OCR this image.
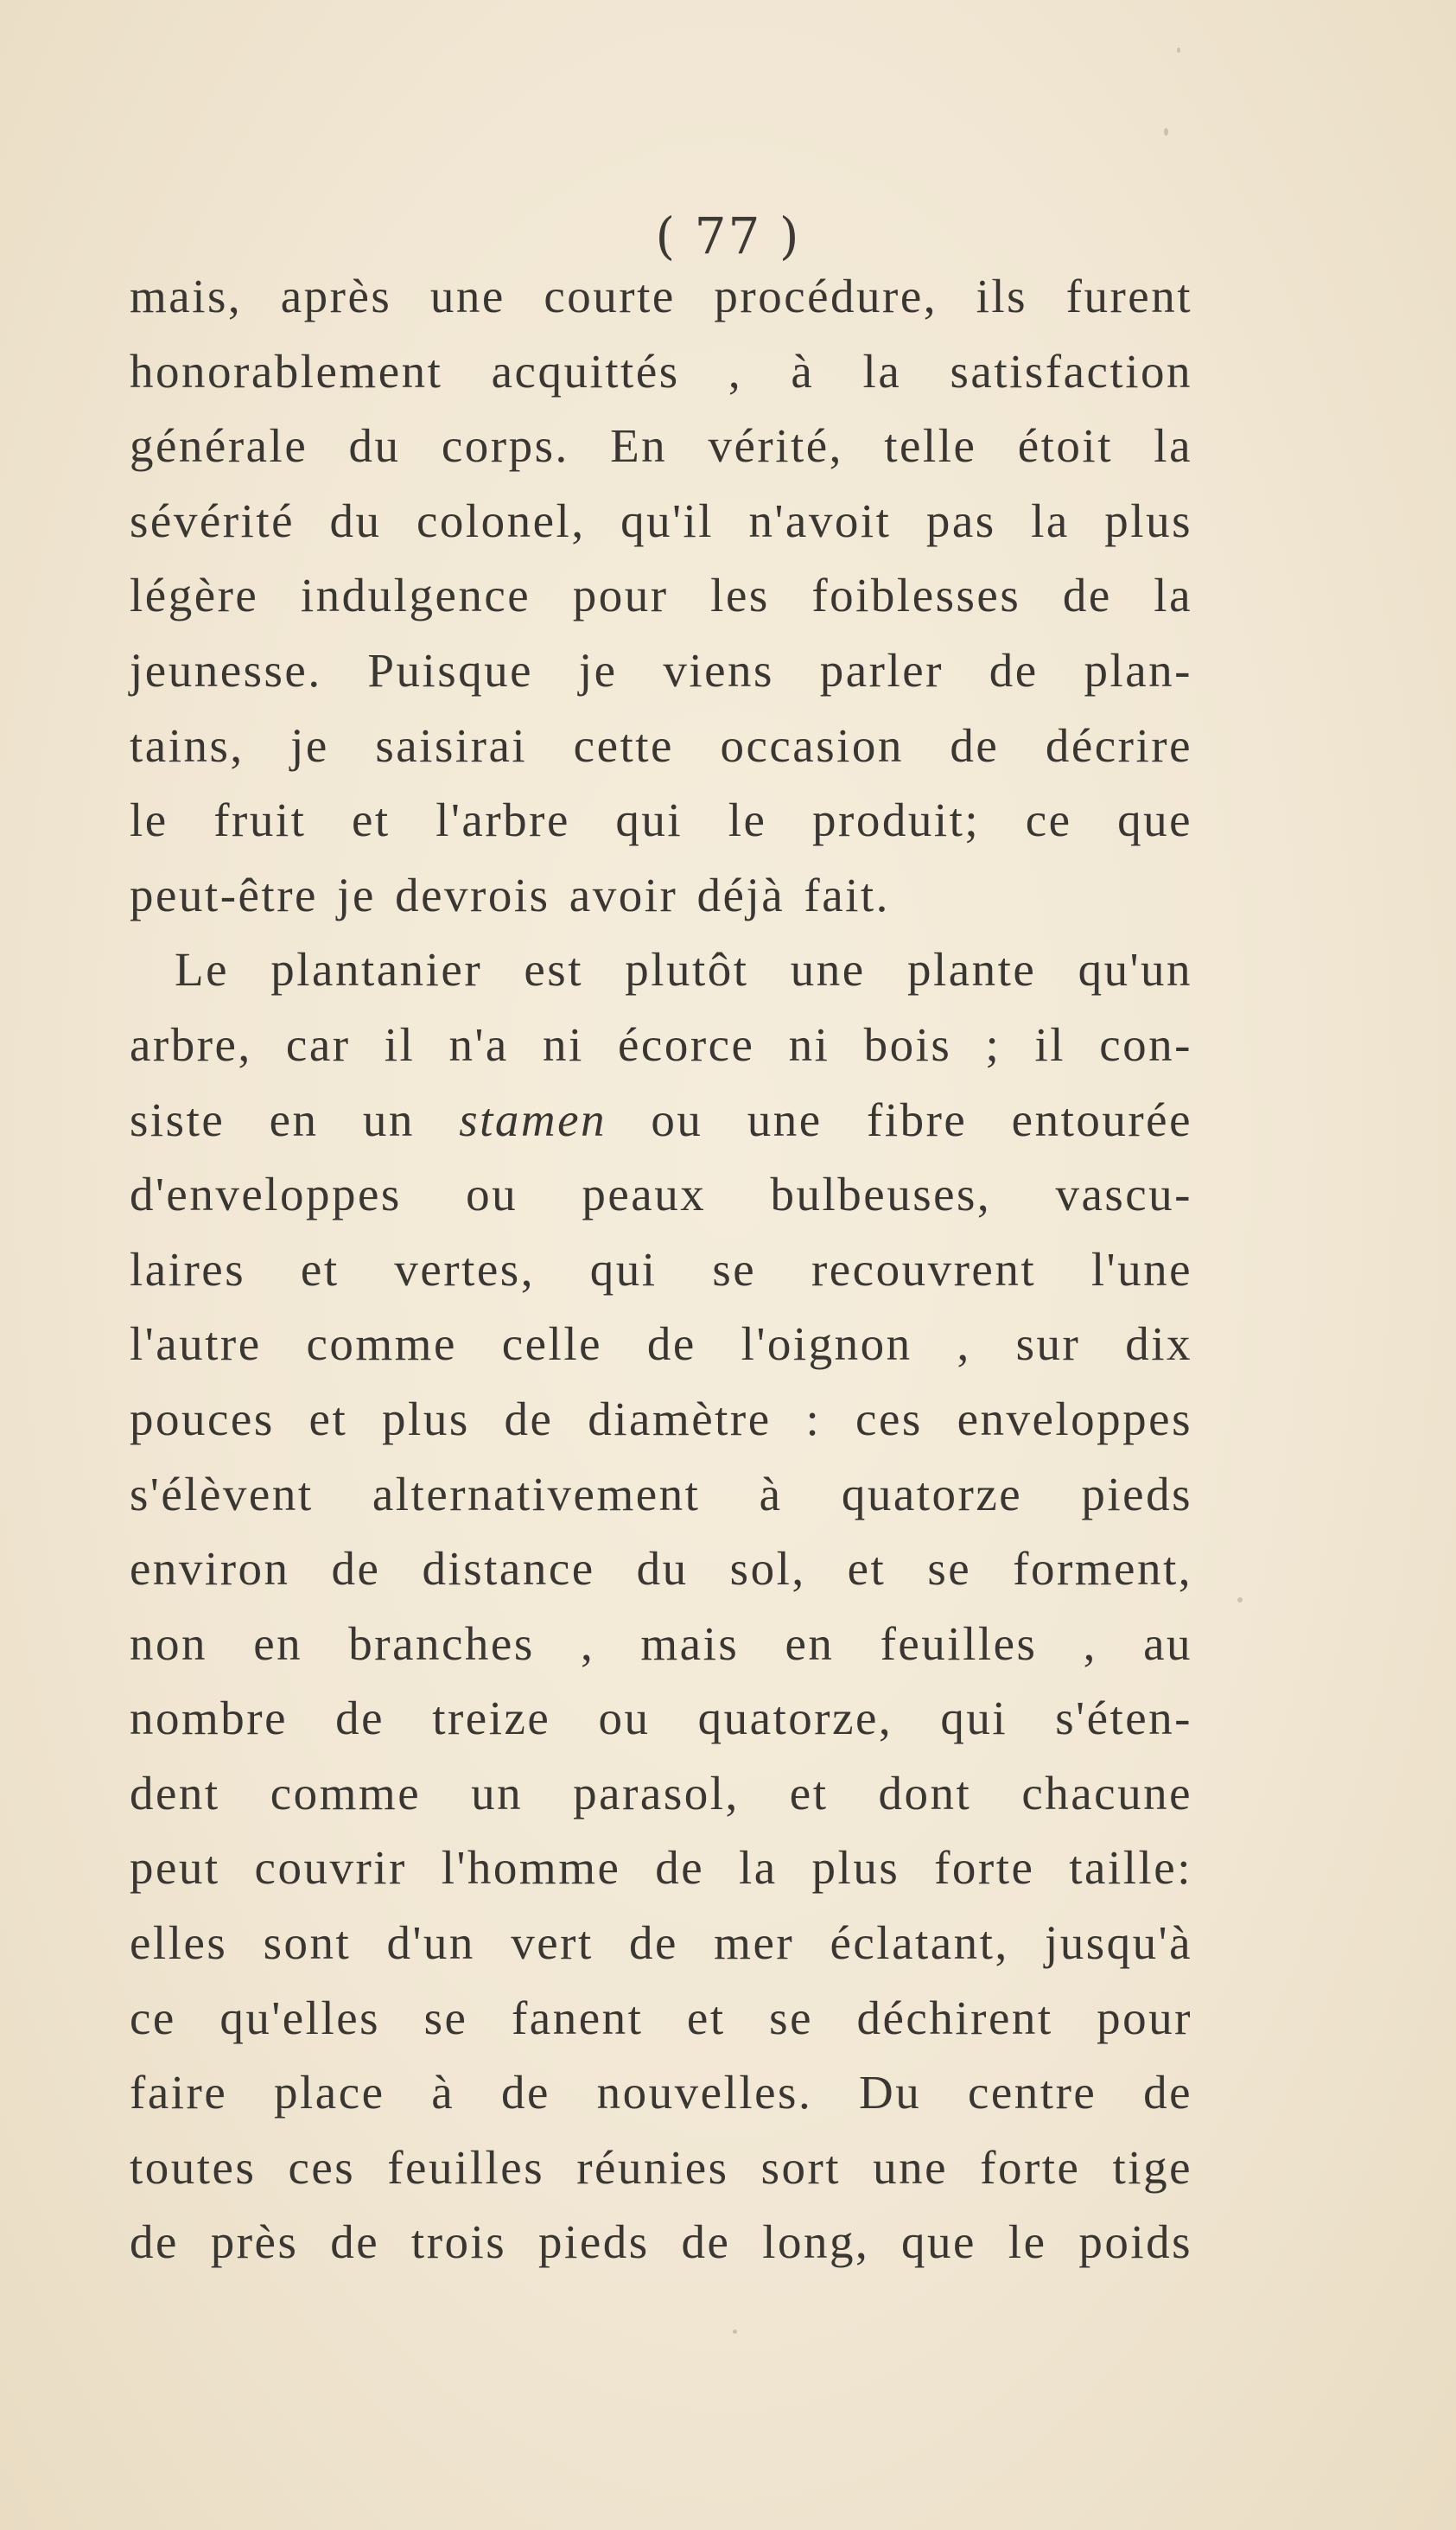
( 77 )
mais, après une courte procédure, ils furent
honorablement acquittés , à la satisfaction
générale du corps. En vérité, telle étoit la
sévérité du colonel, qu'il n'avoit pas la plus
légère indulgence pour les foiblesses de la
jeunesse. Puisque je viens parler de plan-
tains, je saisirai cette occasion de décrire
le fruit et l'arbre qui le produit; ce que
peut-être je devrois avoir déjà fait.
Le plantanier est plutôt une plante qu'un
arbre, car il n'a ni écorce ni bois ; il con-
siste en un stamen ou une fibre entourée
d'enveloppes ou peaux bulbeuses, vascu-
laires et vertes, qui se recouvrent l'une
l'autre comme celle de l'oignon , sur dix
pouces et plus de diamètre : ces enveloppes
s'élèvent alternativement à quatorze pieds
environ de distance du sol, et se forment,
non en branches , mais en feuilles , au
nombre de treize ou quatorze, qui s'éten-
dent comme un parasol, et dont chacune
peut couvrir l'homme de la plus forte taille:
elles sont d'un vert de mer éclatant, jusqu'à
ce qu'elles se fanent et se déchirent pour
faire place à de nouvelles. Du centre de
toutes ces feuilles réunies sort une forte tige
de près de trois pieds de long, que le poids
